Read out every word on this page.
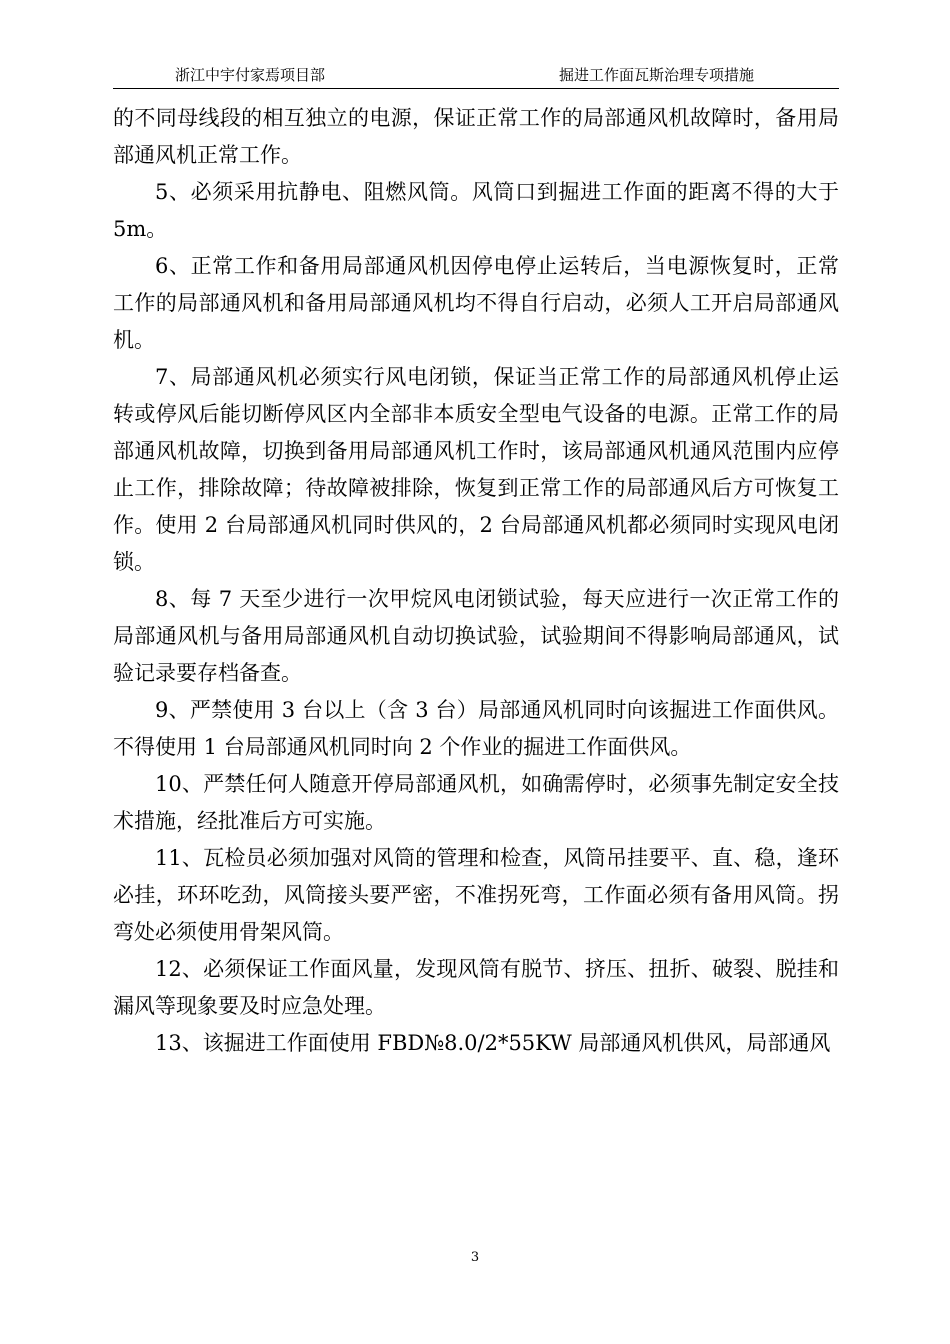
浙江中宇付家焉项目部	掘进工作面瓦斯治理专项措施

的不同母线段的相互独立的电源，保证正常工作的局部通风机故障时，备用局部通风机正常工作。

5、必须采用抗静电、阻燃风筒。风筒口到掘进工作面的距离不得的大于 5m。

6、正常工作和备用局部通风机因停电停止运转后，当电源恢复时，正常工作的局部通风机和备用局部通风机均不得自行启动，必须人工开启局部通风机。

7、局部通风机必须实行风电闭锁，保证当正常工作的局部通风机停止运转或停风后能切断停风区内全部非本质安全型电气设备的电源。正常工作的局部通风机故障，切换到备用局部通风机工作时，该局部通风机通风范围内应停止工作，排除故障；待故障被排除，恢复到正常工作的局部通风后方可恢复工作。使用 2 台局部通风机同时供风的，2 台局部通风机都必须同时实现风电闭锁。

8、每 7 天至少进行一次甲烷风电闭锁试验，每天应进行一次正常工作的局部通风机与备用局部通风机自动切换试验，试验期间不得影响局部通风，试验记录要存档备查。

9、严禁使用 3 台以上（含 3 台）局部通风机同时向该掘进工作面供风。不得使用 1 台局部通风机同时向 2 个作业的掘进工作面供风。

10、严禁任何人随意开停局部通风机，如确需停时，必须事先制定安全技术措施，经批准后方可实施。

11、瓦检员必须加强对风筒的管理和检查，风筒吊挂要平、直、稳，逢环必挂，环环吃劲，风筒接头要严密，不准拐死弯，工作面必须有备用风筒。拐弯处必须使用骨架风筒。

12、必须保证工作面风量，发现风筒有脱节、挤压、扭折、破裂、脱挂和漏风等现象要及时应急处理。

13、该掘进工作面使用 FBD№8.0/2*55KW 局部通风机供风，局部通风

3
